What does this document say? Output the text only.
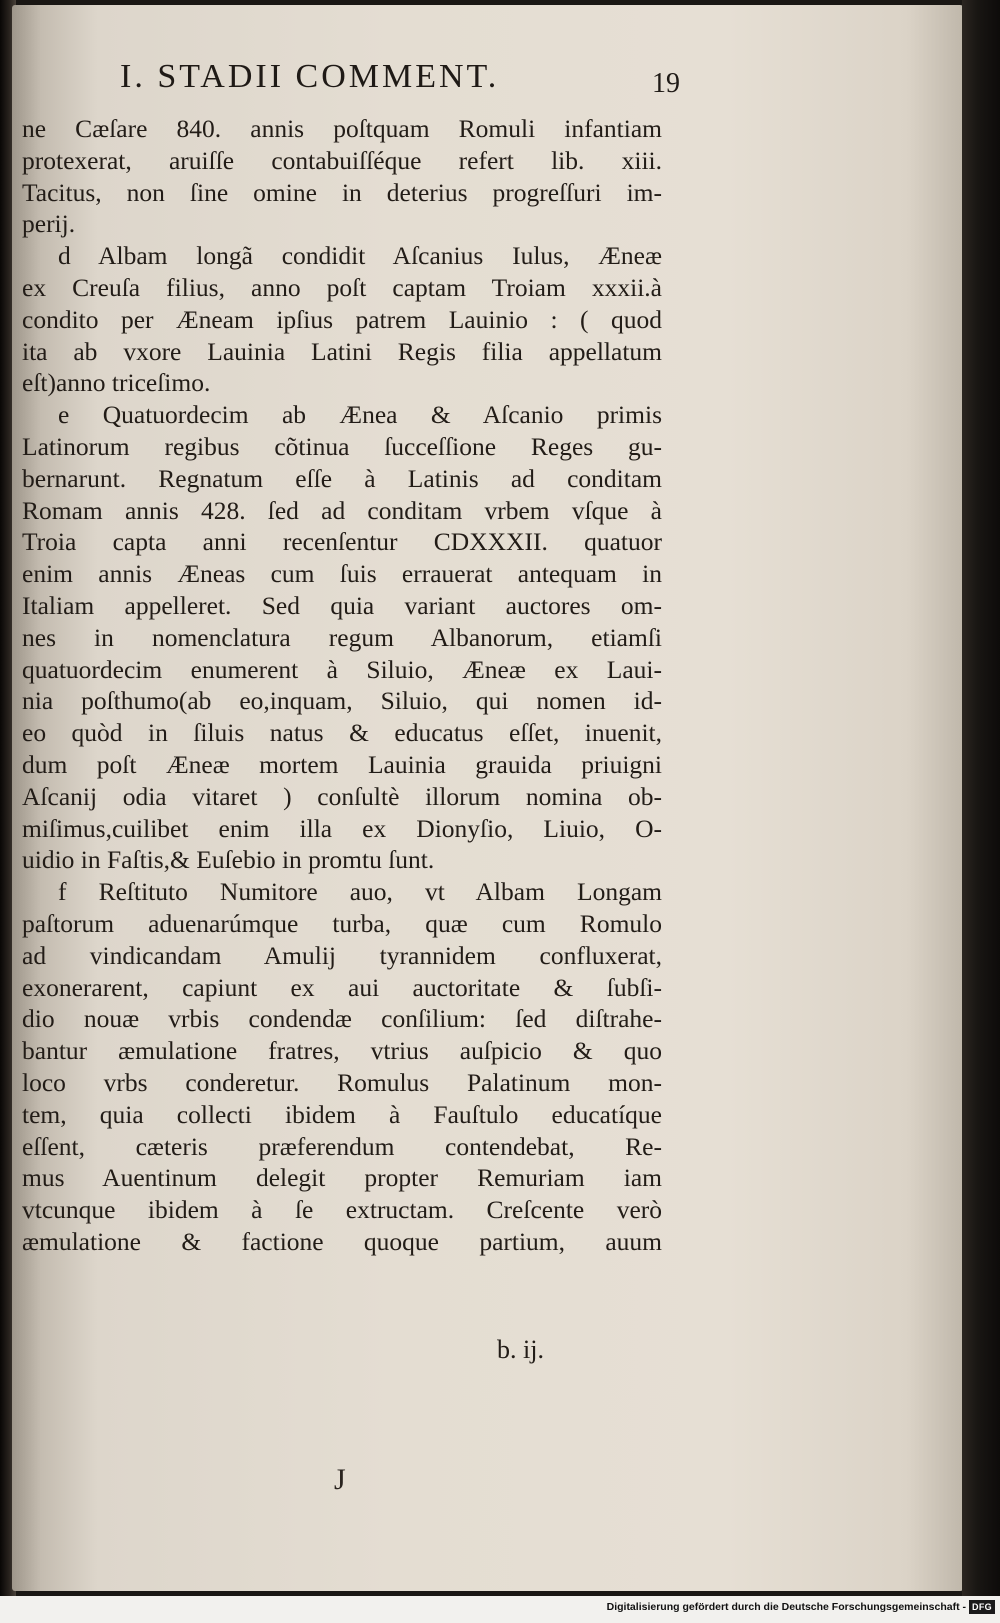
I. STADII COMMENT.	19
ne Cæſare 840. annis poſtquam Romuli infantiam
protexerat, aruiſſe contabuiſſéque refert lib. xiii.
Tacitus, non ſine omine in deterius progreſſuri im-
perij.
d Albam longã condidit Aſcanius Iulus, Æneæ
ex Creuſa filius, anno poſt captam Troiam xxxii.à
condito per Æneam ipſius patrem Lauinio : ( quod
ita ab vxore Lauinia Latini Regis filia appellatum
eſt)anno triceſimo.
e Quatuordecim ab Ænea & Aſcanio primis
Latinorum regibus cõtinua ſucceſſione Reges gu-
bernarunt. Regnatum eſſe à Latinis ad conditam
Romam annis 428. ſed ad conditam vrbem vſque à
Troia capta anni recenſentur CDXXXII. quatuor
enim annis Æneas cum ſuis errauerat antequam in
Italiam appelleret. Sed quia variant auctores om-
nes in nomenclatura regum Albanorum, etiamſi
quatuordecim enumerent à Siluio, Æneæ ex Laui-
nia poſthumo(ab eo,inquam, Siluio, qui nomen id-
eo quòd in ſiluis natus & educatus eſſet, inuenit,
dum poſt Æneæ mortem Lauinia grauida priuigni
Aſcanij odia vitaret ) conſultè illorum nomina ob-
miſimus,cuilibet enim illa ex Dionyſio, Liuio, O-
uidio in Faſtis,& Euſebio in promtu ſunt.
f Reſtituto Numitore auo, vt Albam Longam
paſtorum aduenarúmque turba, quæ cum Romulo
ad vindicandam Amulij tyrannidem confluxerat,
exonerarent, capiunt ex aui auctoritate & ſubſi-
dio nouæ vrbis condendæ conſilium: ſed diſtrahe-
bantur æmulatione fratres, vtrius auſpicio & quo
loco vrbs conderetur. Romulus Palatinum mon-
tem, quia collecti ibidem à Fauſtulo educatíque
eſſent, cæteris præferendum contendebat, Re-
mus Auentinum delegit propter Remuriam iam
vtcunque ibidem à ſe extructam. Creſcente verò
æmulatione & factione quoque partium, auum
b. ij.
J
Digitalisierung gefördert durch die Deutsche Forschungsgemeinschaft - DFG
